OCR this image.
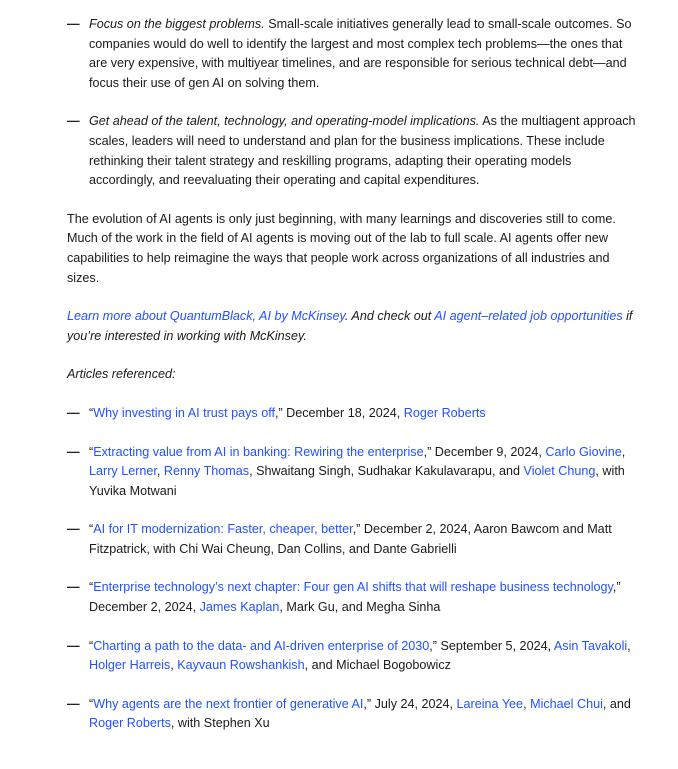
— Focus on the biggest problems. Small-scale initiatives generally lead to small-scale outcomes. So companies would do well to identify the largest and most complex tech problems—the ones that are very expensive, with multiyear timelines, and are responsible for serious technical debt—and focus their use of gen AI on solving them.
— Get ahead of the talent, technology, and operating-model implications. As the multiagent approach scales, leaders will need to understand and plan for the business implications. These include rethinking their talent strategy and reskilling programs, adapting their operating models accordingly, and reevaluating their operating and capital expenditures.

The evolution of AI agents is only just beginning, with many learnings and discoveries still to come. Much of the work in the field of AI agents is moving out of the lab to full scale. AI agents offer new capabilities to help reimagine the ways that people work across organizations of all industries and sizes.

Learn more about QuantumBlack, AI by McKinsey. And check out AI agent–related job opportunities if you’re interested in working with McKinsey.

Articles referenced:

— “Why investing in AI trust pays off,” December 18, 2024, Roger Roberts
— “Extracting value from AI in banking: Rewiring the enterprise,” December 9, 2024, Carlo Giovine, Larry Lerner, Renny Thomas, Shwaitang Singh, Sudhakar Kakulavarapu, and Violet Chung, with Yuvika Motwani
— “AI for IT modernization: Faster, cheaper, better,” December 2, 2024, Aaron Bawcom and Matt Fitzpatrick, with Chi Wai Cheung, Dan Collins, and Dante Gabrielli
— “Enterprise technology’s next chapter: Four gen AI shifts that will reshape business technology,” December 2, 2024, James Kaplan, Mark Gu, and Megha Sinha
— “Charting a path to the data- and AI-driven enterprise of 2030,” September 5, 2024, Asin Tavakoli, Holger Harreis, Kayvaun Rowshankish, and Michael Bogobowicz
— “Why agents are the next frontier of generative AI,” July 24, 2024, Lareina Yee, Michael Chui, and Roger Roberts, with Stephen Xu
